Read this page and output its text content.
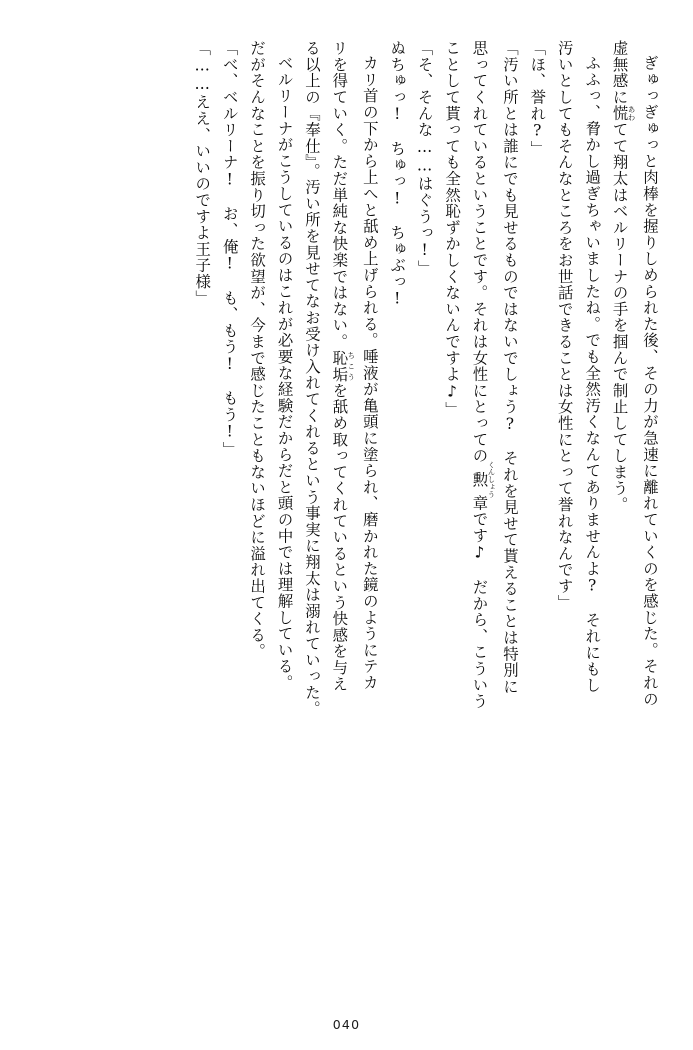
ぎゅっぎゅっと肉棒を握りしめられた後、その力が急速に離れていくのを感じた。それの
虚無感に慌あわてて翔太はベルリーナの手を掴んで制止してしまう。
ふふっ、脅かし過ぎちゃいましたね。でも全然汚くなんてありませんよ?　それにもし
汚いとしてもそんなところをお世話できることは女性にとって誉れなんです」
「ほ、誉れ?」
「汚い所とは誰にでも見せるものではないでしょう?　それを見せて貰えることは特別に
思ってくれているということです。それは女性にとっての勲くんしょう章です♪　だから、こういう
ことして貰っても全然恥ずかしくないんですよ♪」
「そ、そんな……はぐうっ!」
ぬちゅっ!　ちゅっ!　ちゅぶっ!
カリ首の下から上へと舐め上げられる。唾液が亀頭に塗られ、磨かれた鏡のようにテカ
リを得ていく。ただ単純な快楽ではない。恥垢ちこうを舐め取ってくれているという快感を与え
る以上の『奉仕』。汚い所を見せてなお受け入れてくれるという事実に翔太は溺れていった。
ベルリーナがこうしているのはこれが必要な経験だからだと頭の中では理解している。
だがそんなことを振り切った欲望が、今まで感じたこともないほどに溢れ出てくる。
「べ、ベルリーナ!　お、俺!　も、もう!　もう!」
「……ええ、いいのですよ王子様」
040
